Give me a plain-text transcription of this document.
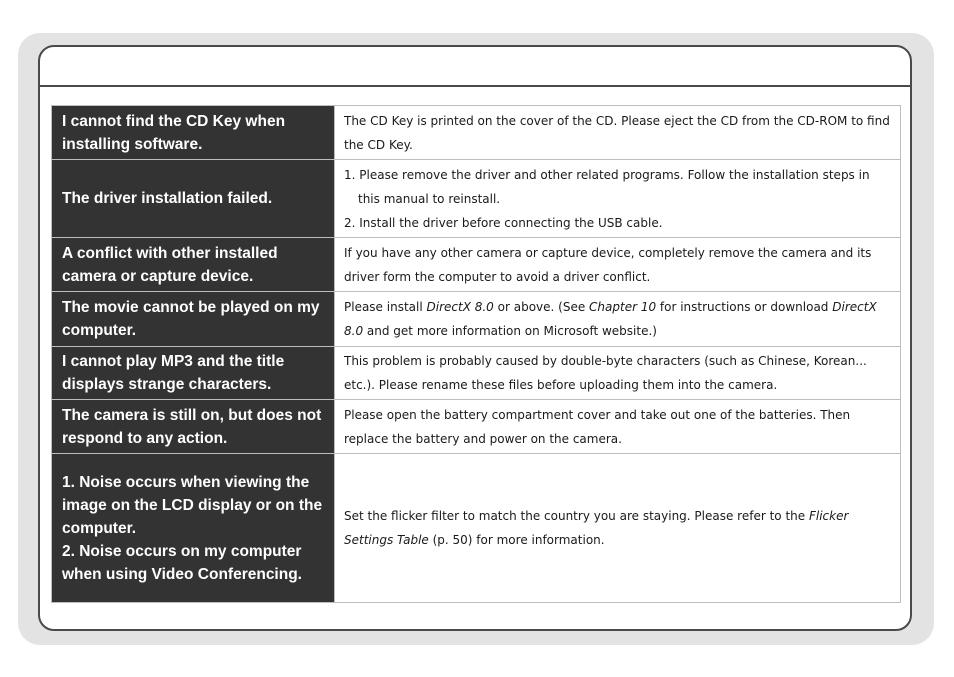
I cannot find the CD Key when installing software.	The CD Key is printed on the cover of the CD. Please eject the CD from the CD-ROM to find the CD Key.
The driver installation failed.	1. Please remove the driver and other related programs. Follow the installation steps in this manual to reinstall.
2. Install the driver before connecting the USB cable.

A conflict with other installed camera or capture device.	If you have any other camera or capture device, completely remove the camera and its driver form the computer to avoid a driver conflict.
The movie cannot be played on my computer.	Please install DirectX 8.0 or above. (See Chapter 10 for instructions or download DirectX 8.0 and get more information on Microsoft website.)
I cannot play MP3 and the title displays strange characters.	This problem is probably caused by double-byte characters (such as Chinese, Korean... etc.). Please rename these files before uploading them into the camera.
The camera is still on, but does not respond to any action.	Please open the battery compartment cover and take out one of the batteries. Then replace the battery and power on the camera.

1. Noise occurs when viewing the image on the LCD display or on the computer.
2. Noise occurs on my computer when using Video Conferencing.	Set the flicker filter to match the country you are staying. Please refer to the Flicker Settings Table (p. 50) for more information.
